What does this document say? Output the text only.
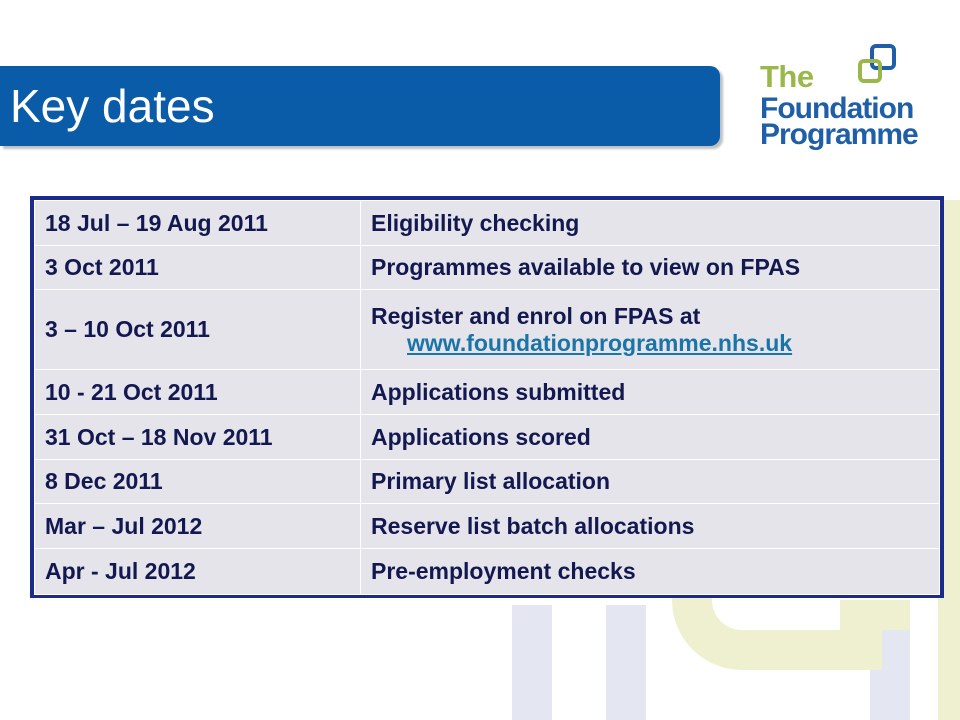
Key dates
The
Foundation
Programme
18 Jul – 19 Aug 2011	Eligibility checking
3 Oct 2011	Programmes available to view on FPAS
3 – 10 Oct 2011	Register and enrol on FPAS at
www.foundationprogramme.nhs.uk

10 - 21 Oct 2011	Applications submitted
31 Oct – 18 Nov 2011	Applications scored
8 Dec 2011	Primary list allocation
Mar – Jul 2012	Reserve list batch allocations
Apr - Jul 2012	Pre-employment checks
